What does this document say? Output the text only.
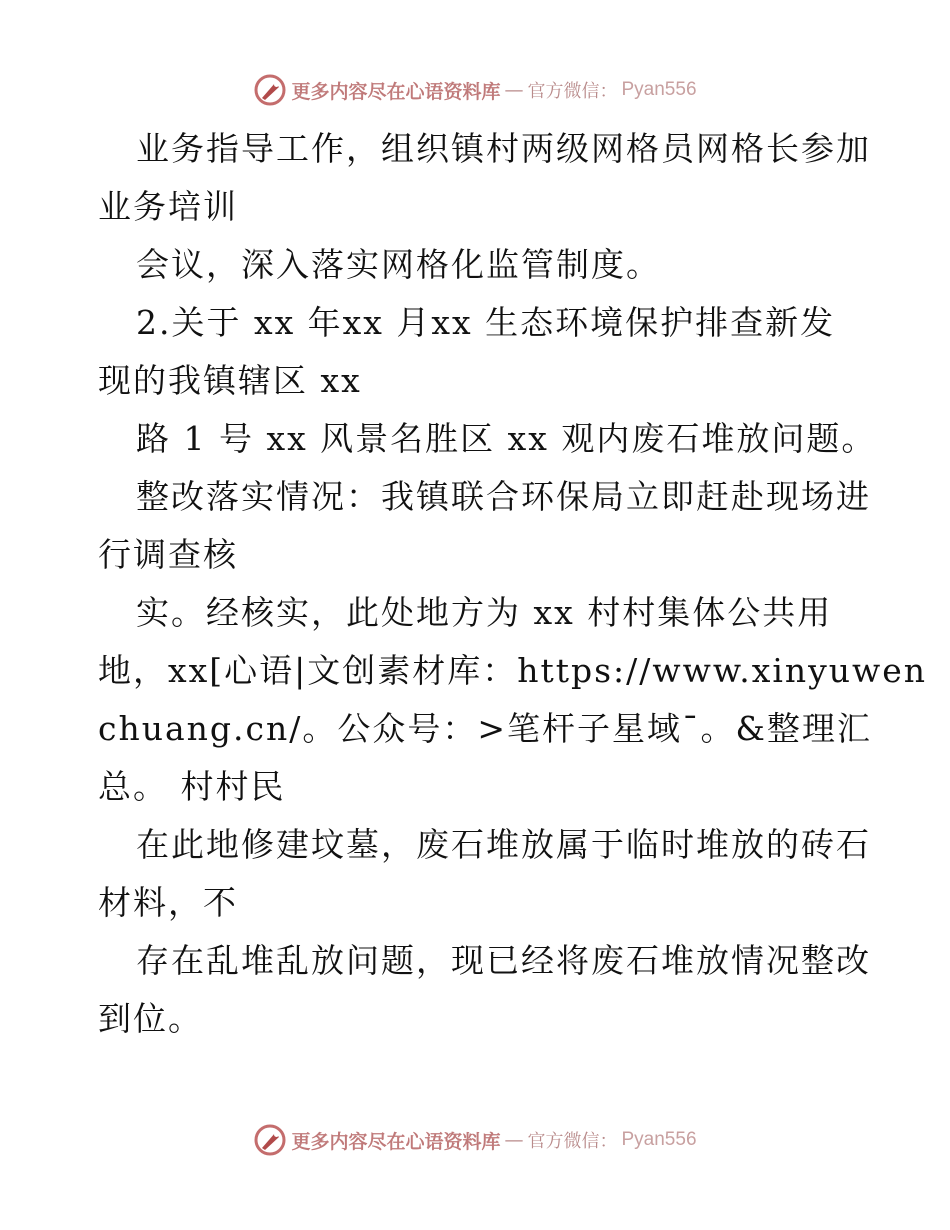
更多内容尽在心语资料库 — 官方微信： Pyan556
业务指导工作，组织镇村两级网格员网格长参加
业务培训
会议，深入落实网格化监管制度。
2.关于 xx 年xx 月xx 生态环境保护排查新发
现的我镇辖区 xx
路 1 号 xx 风景名胜区 xx 观内废石堆放问题。
整改落实情况：我镇联合环保局立即赶赴现场进
行调查核
实。经核实，此处地方为 xx 村村集体公共用
地，xx[心语|文创素材库：https://www.xinyuwen
chuang.cn/。公众号：>笔杆子星域¯。&整理汇
总。 村村民
在此地修建坟墓，废石堆放属于临时堆放的砖石
材料，不
存在乱堆乱放问题，现已经将废石堆放情况整改
到位。
更多内容尽在心语资料库 — 官方微信： Pyan556
